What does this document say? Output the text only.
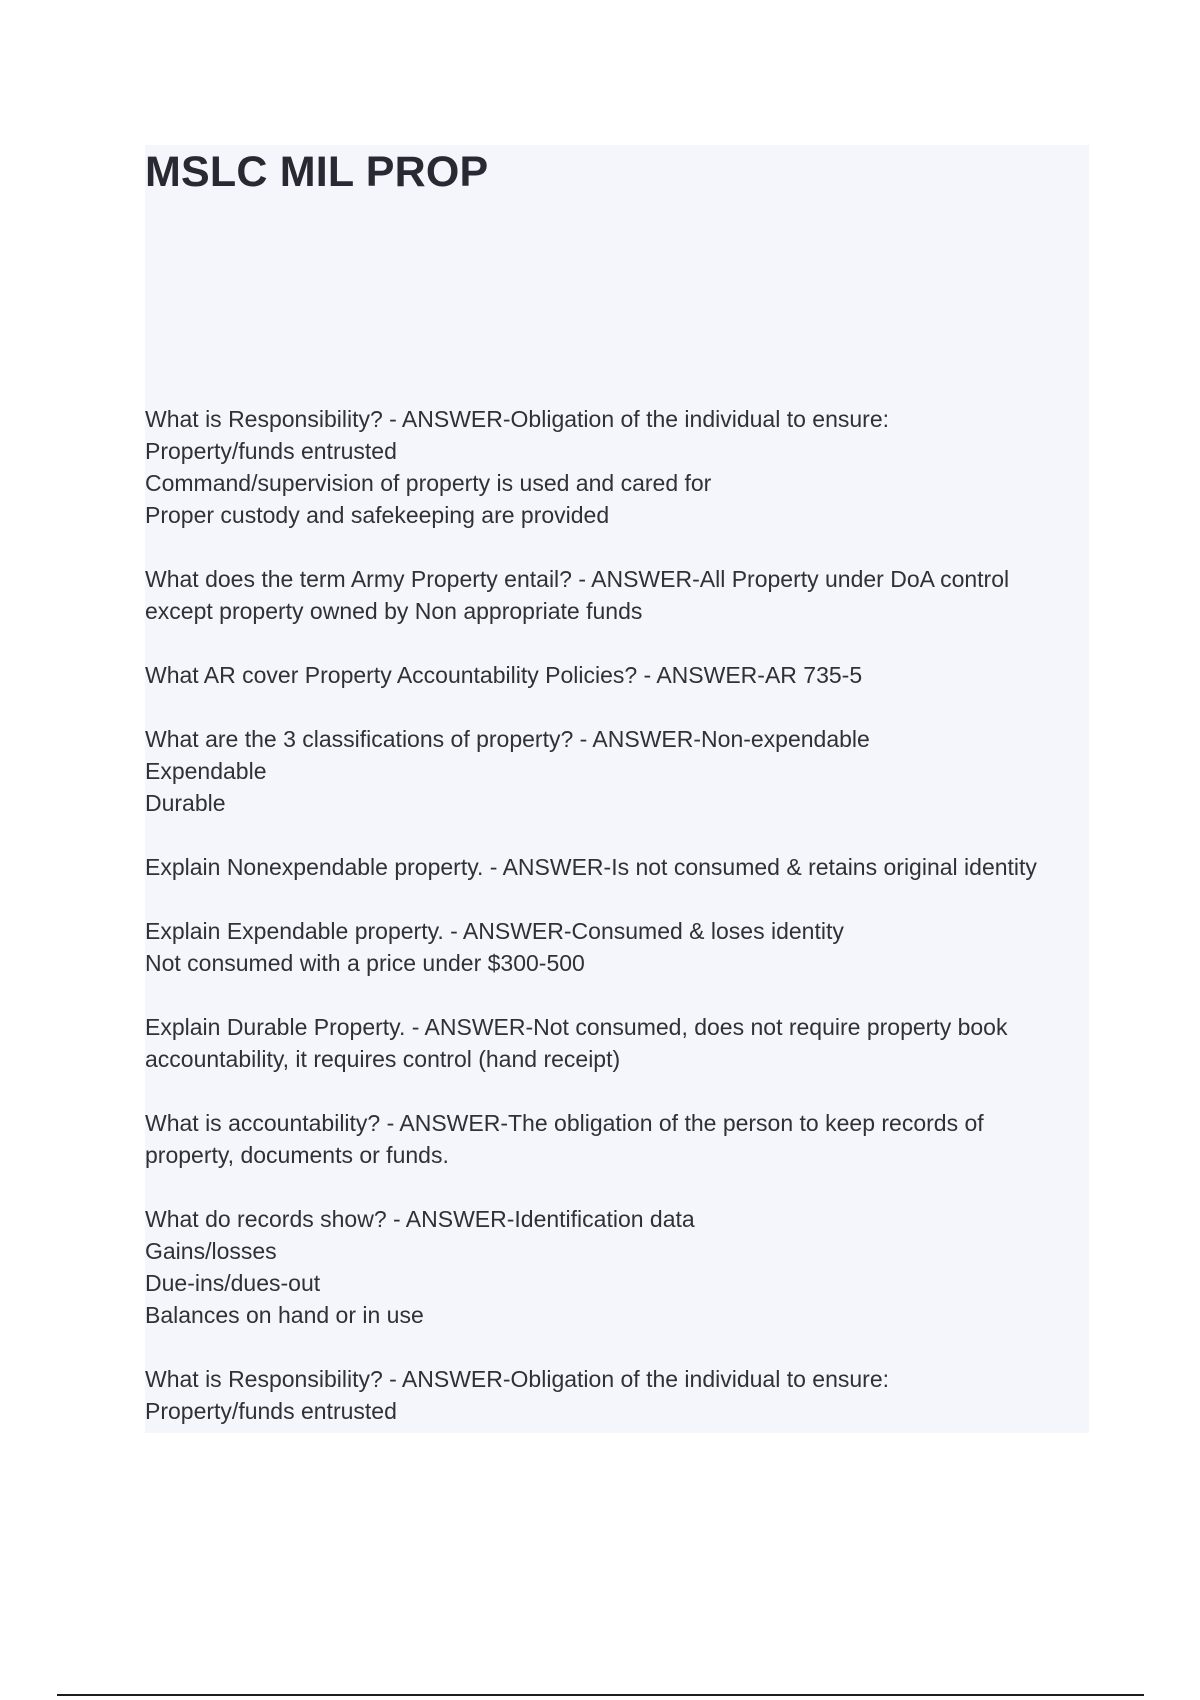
MSLC MIL PROP
What is Responsibility? - ANSWER-Obligation of the individual to ensure:
Property/funds entrusted
Command/supervision of property is used and cared for
Proper custody and safekeeping are provided
What does the term Army Property entail? - ANSWER-All Property under DoA control
except property owned by Non appropriate funds
What AR cover Property Accountability Policies? - ANSWER-AR 735-5
What are the 3 classifications of property? - ANSWER-Non-expendable
Expendable
Durable
Explain Nonexpendable property. - ANSWER-Is not consumed & retains original identity
Explain Expendable property. - ANSWER-Consumed & loses identity
Not consumed with a price under $300-500
Explain Durable Property. - ANSWER-Not consumed, does not require property book
accountability, it requires control (hand receipt)
What is accountability? - ANSWER-The obligation of the person to keep records of
property, documents or funds.
What do records show? - ANSWER-Identification data
Gains/losses
Due-ins/dues-out
Balances on hand or in use
What is Responsibility? - ANSWER-Obligation of the individual to ensure:
Property/funds entrusted
